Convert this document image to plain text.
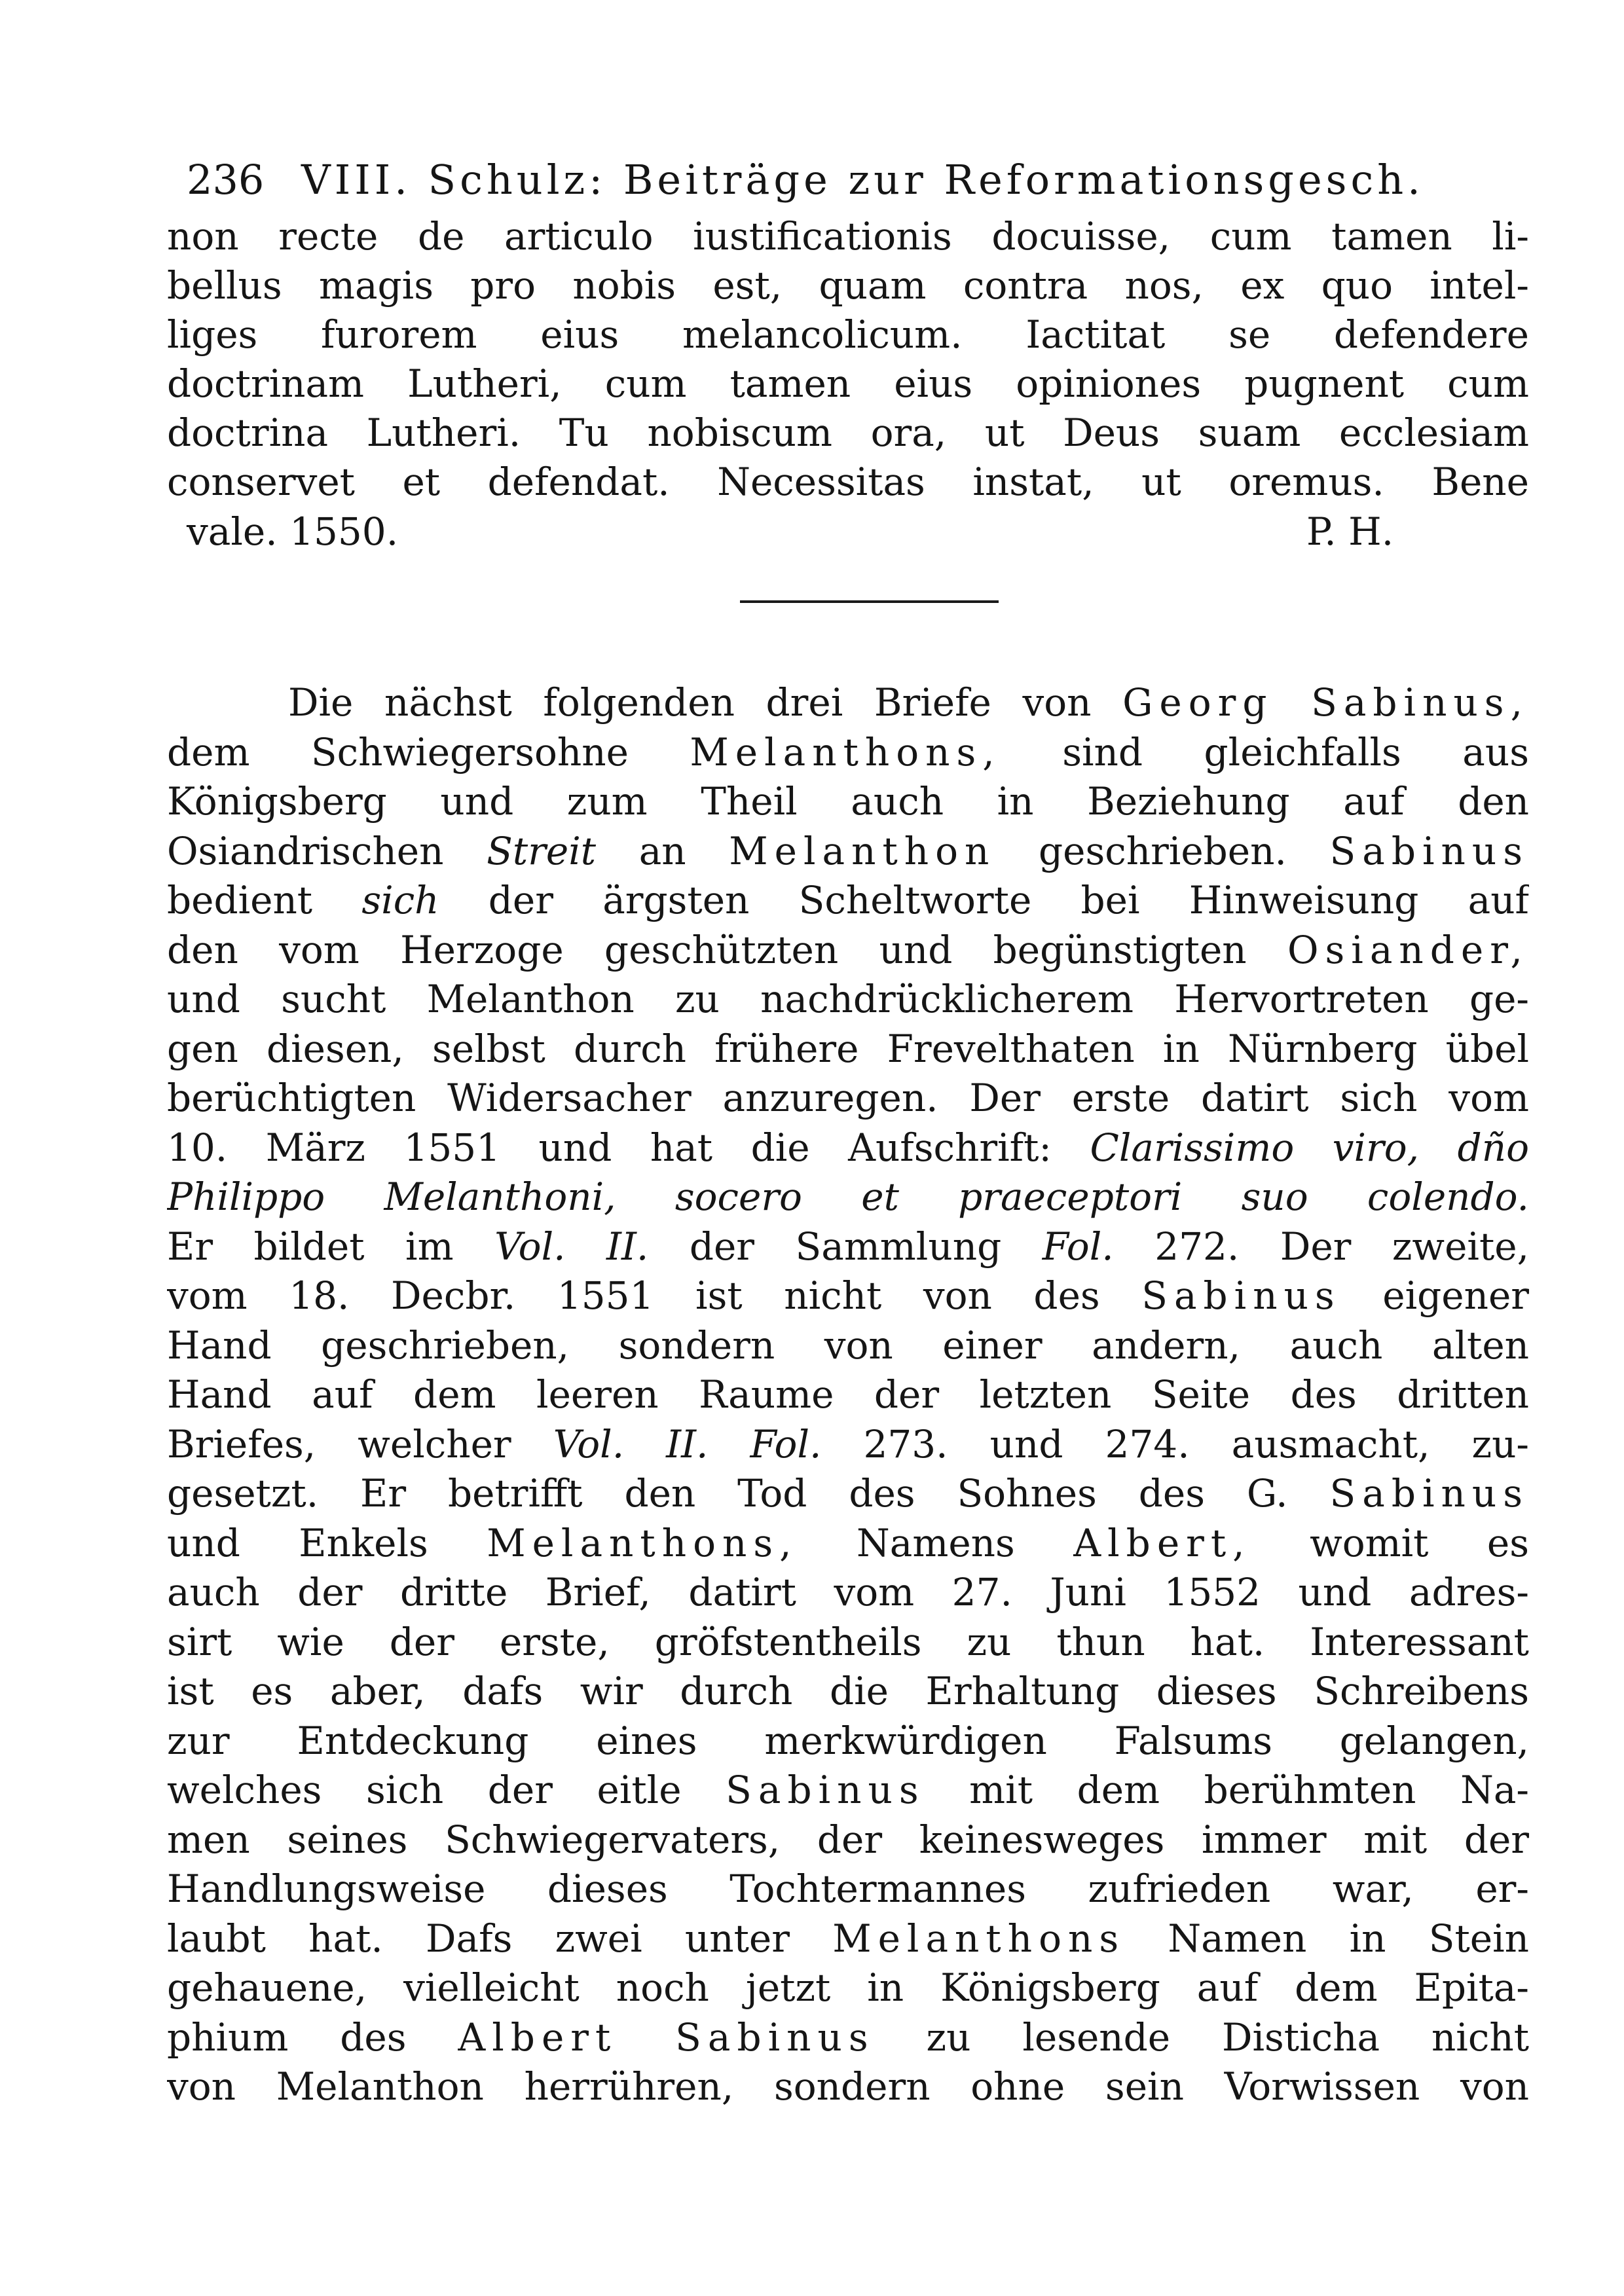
236 VIII. Schulz: Beiträge zur Reformationsgesch.
non recte de articulo iustificationis docuisse, cum tamen li-
bellus magis pro nobis est, quam contra nos, ex quo intel-
liges furorem eius melancolicum. Iactitat se defendere
doctrinam Lutheri, cum tamen eius opiniones pugnent cum
doctrina Lutheri. Tu nobiscum ora, ut Deus suam ecclesiam
conservet et defendat. Necessitas instat, ut oremus. Bene
vale. 1550.	P. H.
Die nächst folgenden drei Briefe von Georg Sabinus,
dem Schwiegersohne Melanthons, sind gleichfalls aus
Königsberg und zum Theil auch in Beziehung auf den
Osiandrischen Streit an Melanthon geschrieben. Sabinus
bedient sich der ärgsten Scheltworte bei Hinweisung auf
den vom Herzoge geschützten und begünstigten Osiander,
und sucht Melanthon zu nachdrücklicherem Hervortreten ge-
gen diesen, selbst durch frühere Frevelthaten in Nürnberg übel
berüchtigten Widersacher anzuregen. Der erste datirt sich vom
10. März 1551 und hat die Aufschrift: Clarissimo viro, dño
Philippo Melanthoni, socero et praeceptori suo colendo.
Er bildet im Vol. II. der Sammlung Fol. 272. Der zweite,
vom 18. Decbr. 1551 ist nicht von des Sabinus eigener
Hand geschrieben, sondern von einer andern, auch alten
Hand auf dem leeren Raume der letzten Seite des dritten
Briefes, welcher Vol. II. Fol. 273. und 274. ausmacht, zu-
gesetzt. Er betrifft den Tod des Sohnes des G. Sabinus
und Enkels Melanthons, Namens Albert, womit es
auch der dritte Brief, datirt vom 27. Juni 1552 und adres-
sirt wie der erste, gröfstentheils zu thun hat. Interessant
ist es aber, dafs wir durch die Erhaltung dieses Schreibens
zur Entdeckung eines merkwürdigen Falsums gelangen,
welches sich der eitle Sabinus mit dem berühmten Na-
men seines Schwiegervaters, der keinesweges immer mit der
Handlungsweise dieses Tochtermannes zufrieden war, er-
laubt hat. Dafs zwei unter Melanthons Namen in Stein
gehauene, vielleicht noch jetzt in Königsberg auf dem Epita-
phium des Albert Sabinus zu lesende Disticha nicht
von Melanthon herrühren, sondern ohne sein Vorwissen von
